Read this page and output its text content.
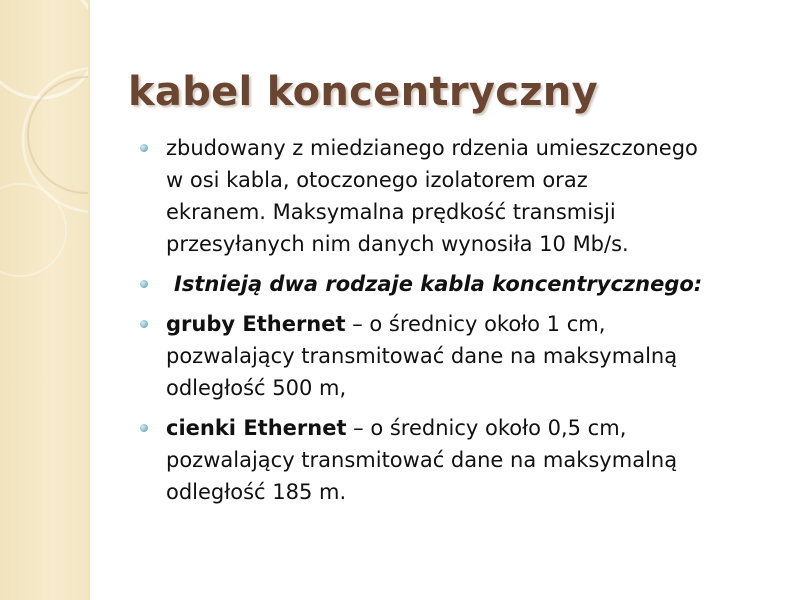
kabel koncentryczny
zbudowany z miedzianego rdzenia umieszczonego
w osi kabla, otoczonego izolatorem oraz
ekranem. Maksymalna prędkość transmisji
przesyłanych nim danych wynosiła 10 Mb/s.
Istnieją dwa rodzaje kabla koncentrycznego:
gruby Ethernet – o średnicy około 1 cm,
pozwalający transmitować dane na maksymalną
odległość 500 m,
cienki Ethernet – o średnicy około 0,5 cm,
pozwalający transmitować dane na maksymalną
odległość 185 m.
